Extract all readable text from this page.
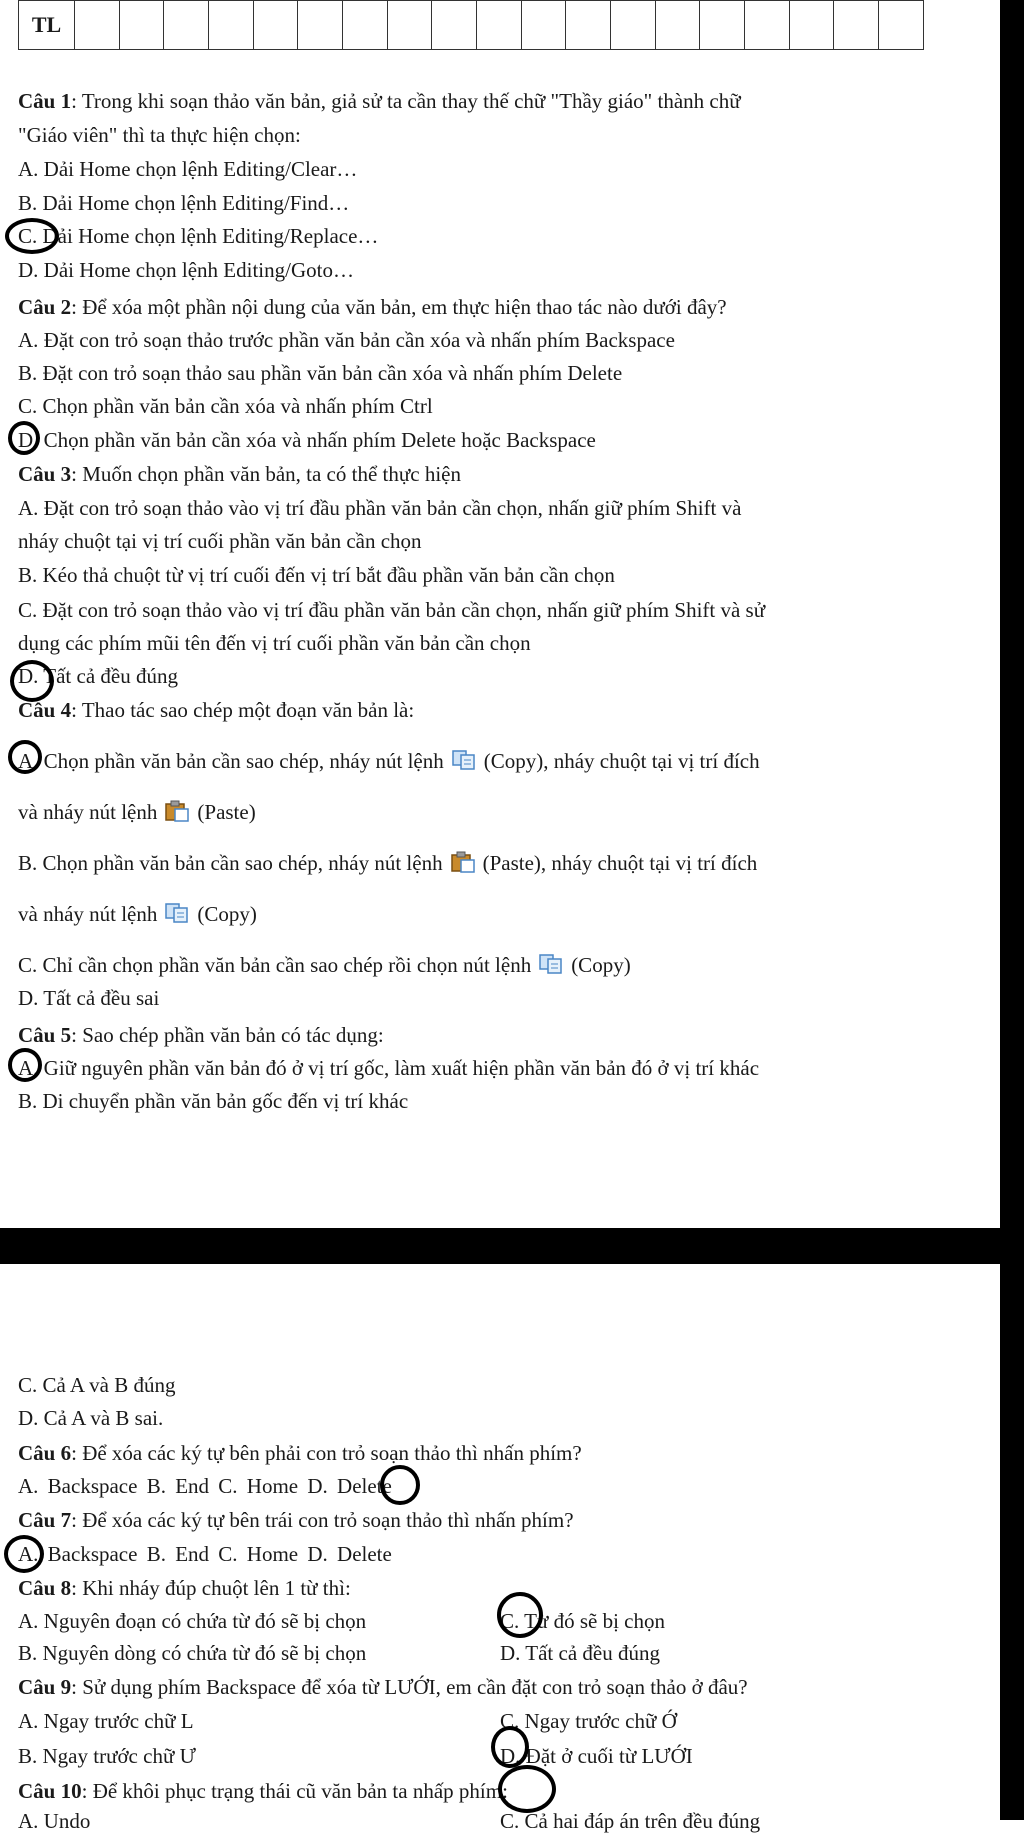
TL																			
Câu 1: Trong khi soạn thảo văn bản, giả sử ta cần thay thế chữ "Thầy giáo" thành chữ
"Giáo viên" thì ta thực hiện chọn:
A. Dải Home chọn lệnh Editing/Clear…
B. Dải Home chọn lệnh Editing/Find…
C. Dải Home chọn lệnh Editing/Replace…
D. Dải Home chọn lệnh Editing/Goto…
Câu 2: Để xóa một phần nội dung của văn bản, em thực hiện thao tác nào dưới đây?
A. Đặt con trỏ soạn thảo trước phần văn bản cần xóa và nhấn phím Backspace
B. Đặt con trỏ soạn thảo sau phần văn bản cần xóa và nhấn phím Delete
C. Chọn phần văn bản cần xóa và nhấn phím Ctrl
D. Chọn phần văn bản cần xóa và nhấn phím Delete hoặc Backspace
Câu 3: Muốn chọn phần văn bản, ta có thể thực hiện
A. Đặt con trỏ soạn thảo vào vị trí đầu phần văn bản cần chọn, nhấn giữ phím Shift và
nháy chuột tại vị trí cuối phần văn bản cần chọn
B. Kéo thả chuột từ vị trí cuối đến vị trí bắt đầu phần văn bản cần chọn
C. Đặt con trỏ soạn thảo vào vị trí đầu phần văn bản cần chọn, nhấn giữ phím Shift và sử
dụng các phím mũi tên đến vị trí cuối phần văn bản cần chọn
D. Tất cả đều đúng
Câu 4: Thao tác sao chép một đoạn văn bản là:
A. Chọn phần văn bản cần sao chép, nháy nút lệnh (Copy), nháy chuột tại vị trí đích
và nháy nút lệnh (Paste)
B. Chọn phần văn bản cần sao chép, nháy nút lệnh (Paste), nháy chuột tại vị trí đích
và nháy nút lệnh (Copy)
C. Chỉ cần chọn phần văn bản cần sao chép rồi chọn nút lệnh (Copy)
D. Tất cả đều sai
Câu 5: Sao chép phần văn bản có tác dụng:
A. Giữ nguyên phần văn bản đó ở vị trí gốc, làm xuất hiện phần văn bản đó ở vị trí khác
B. Di chuyển phần văn bản gốc đến vị trí khác
C. Cả A và B đúng
D. Cả A và B sai.
Câu 6: Để xóa các ký tự bên phải con trỏ soạn thảo thì nhấn phím?
A. Backspace B. End C. Home D. Delete
Câu 7: Để xóa các ký tự bên trái con trỏ soạn thảo thì nhấn phím?
A. Backspace B. End C. Home D. Delete
Câu 8: Khi nháy đúp chuột lên 1 từ thì:
A. Nguyên đoạn có chứa từ đó sẽ bị chọn	C. Từ đó sẽ bị chọn
B. Nguyên dòng có chứa từ đó sẽ bị chọn	D. Tất cả đều đúng
Câu 9: Sử dụng phím Backspace để xóa từ LƯỚI, em cần đặt con trỏ soạn thảo ở đâu?
A. Ngay trước chữ L	C. Ngay trước chữ Ớ
B. Ngay trước chữ Ư	D. Đặt ở cuối từ LƯỚI
Câu 10: Để khôi phục trạng thái cũ văn bản ta nhấp phím:
A. Undo	C. Cả hai đáp án trên đều đúng
